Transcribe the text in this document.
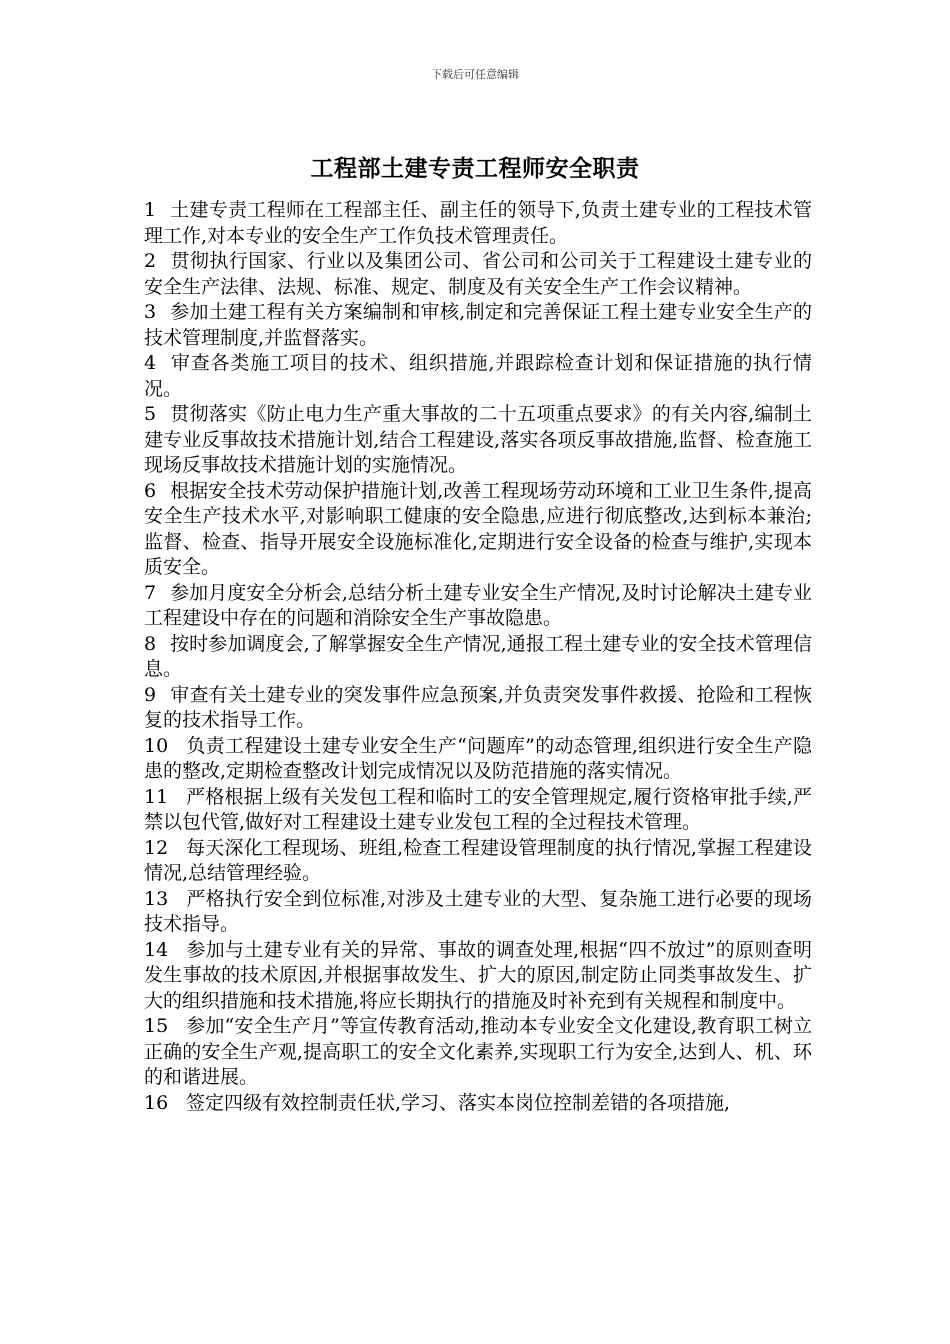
下载后可任意编辑
工程部土建专责工程师安全职责

1 土建专责工程师在工程部主任、副主任的领导下,负责土建专业的工程技术管理工作,对本专业的安全生产工作负技术管理责任。

2 贯彻执行国家、行业以及集团公司、省公司和公司关于工程建设土建专业的安全生产法律、法规、标准、规定、制度及有关安全生产工作会议精神。

3 参加土建工程有关方案编制和审核,制定和完善保证工程土建专业安全生产的技术管理制度,并监督落实。

4 审查各类施工项目的技术、组织措施,并跟踪检查计划和保证措施的执行情况。

5 贯彻落实《防止电力生产重大事故的二十五项重点要求》的有关内容,编制土建专业反事故技术措施计划,结合工程建设,落实各项反事故措施,监督、检查施工现场反事故技术措施计划的实施情况。

6 根据安全技术劳动保护措施计划,改善工程现场劳动环境和工业卫生条件,提高安全生产技术水平,对影响职工健康的安全隐患,应进行彻底整改,达到标本兼治;监督、检查、指导开展安全设施标准化,定期进行安全设备的检查与维护,实现本质安全。

7 参加月度安全分析会,总结分析土建专业安全生产情况,及时讨论解决土建专业工程建设中存在的问题和消除安全生产事故隐患。

8 按时参加调度会,了解掌握安全生产情况,通报工程土建专业的安全技术管理信息。

9 审查有关土建专业的突发事件应急预案,并负责突发事件救援、抢险和工程恢复的技术指导工作。

10 负责工程建设土建专业安全生产“问题库”的动态管理,组织进行安全生产隐患的整改,定期检查整改计划完成情况以及防范措施的落实情况。

11 严格根据上级有关发包工程和临时工的安全管理规定,履行资格审批手续,严禁以包代管,做好对工程建设土建专业发包工程的全过程技术管理。

12 每天深化工程现场、班组,检查工程建设管理制度的执行情况,掌握工程建设情况,总结管理经验。

13 严格执行安全到位标准,对涉及土建专业的大型、复杂施工进行必要的现场技术指导。

14 参加与土建专业有关的异常、事故的调查处理,根据“四不放过”的原则查明发生事故的技术原因,并根据事故发生、扩大的原因,制定防止同类事故发生、扩大的组织措施和技术措施,将应长期执行的措施及时补充到有关规程和制度中。

15 参加“安全生产月”等宣传教育活动,推动本专业安全文化建设,教育职工树立正确的安全生产观,提高职工的安全文化素养,实现职工行为安全,达到人、机、环的和谐进展。

16 签定四级有效控制责任状,学习、落实本岗位控制差错的各项措施,
